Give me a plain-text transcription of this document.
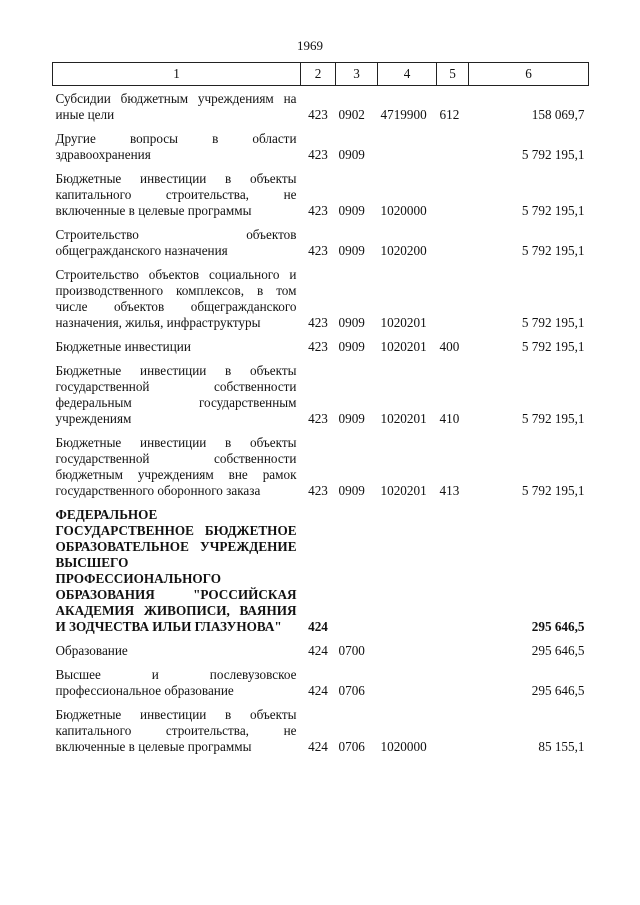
1969
1	2	3	4	5	6
Субсидии бюджетным учреждениям на иные цели	423	0902	4719900	612	158 069,7

Другие вопросы в области здравоохранения	423	0909			5 792 195,1

Бюджетные инвестиции в объекты капитального строительства, не включенные в целевые программы	423	0909	1020000		5 792 195,1

Строительство объектов общегражданского назначения	423	0909	1020200		5 792 195,1

Строительство объектов социального и производственного комплексов, в том числе объектов общегражданского назначения, жилья, инфраструктуры	423	0909	1020201		5 792 195,1

Бюджетные инвестиции	423	0909	1020201	400	5 792 195,1

Бюджетные инвестиции в объекты государственной собственности федеральным государственным учреждениям	423	0909	1020201	410	5 792 195,1

Бюджетные инвестиции в объекты государственной собственности бюджетным учреждениям вне рамок государственного оборонного заказа	423	0909	1020201	413	5 792 195,1

ФЕДЕРАЛЬНОЕ ГОСУДАРСТВЕННОЕ БЮДЖЕТНОЕ ОБРАЗОВАТЕЛЬНОЕ УЧРЕЖДЕНИЕ ВЫСШЕГО ПРОФЕССИОНАЛЬНОГО ОБРАЗОВАНИЯ "РОССИЙСКАЯ АКАДЕМИЯ ЖИВОПИСИ, ВАЯНИЯ И ЗОДЧЕСТВА ИЛЬИ ГЛАЗУНОВА"	424				295 646,5

Образование	424	0700			295 646,5

Высшее и послевузовское профессиональное образование	424	0706			295 646,5

Бюджетные инвестиции в объекты капитального строительства, не включенные в целевые программы	424	0706	1020000		85 155,1
